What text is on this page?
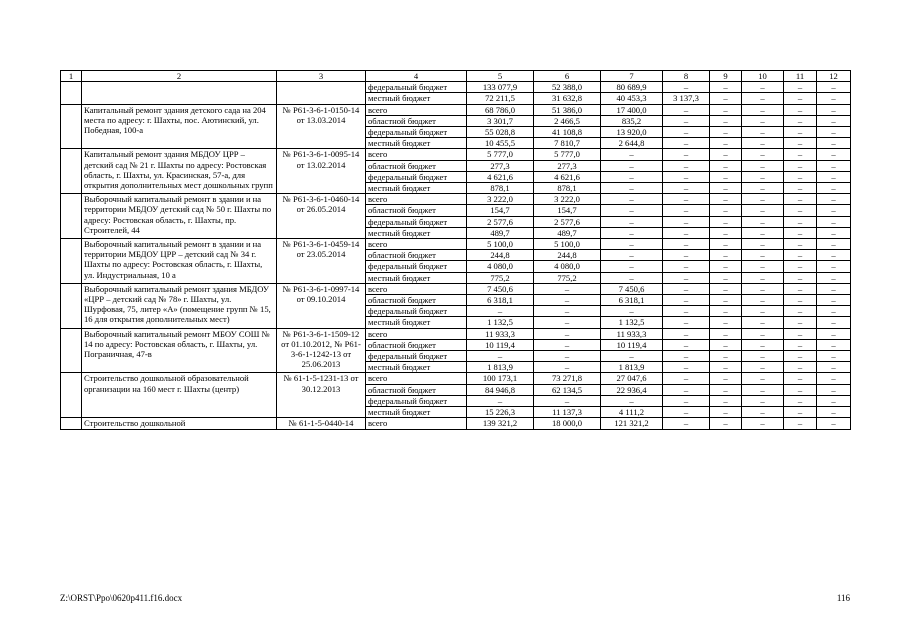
1	2	3	4	5	6	7	8	9	10	11	12
			федеральный бюджет	133 077,9	52 388,0	80 689,9	–	–	–	–	–
			местный бюджет	72 211,5	31 632,8	40 453,3	3 137,3	–	–	–	–
	Капитальный ремонт здания детского сада на 204 места по адресу: г. Шахты, пос. Аютинский, ул. Победная, 100-а	№ Р61-3-6-1-0150-14 от 13.03.2014	всего	68 786,0	51 386,0	17 400,0	–	–	–	–	–
			областной бюджет	3 301,7	2 466,5	835,2	–	–	–	–	–
			федеральный бюджет	55 028,8	41 108,8	13 920,0	–	–	–	–	–
			местный бюджет	10 455,5	7 810,7	2 644,8	–	–	–	–	–
	Капитальный ремонт здания МБДОУ ЦРР – детский сад № 21 г. Шахты по адресу: Ростовская область, г. Шахты, ул. Красинская, 57-а, для открытия дополнительных мест дошкольных групп	№ Р61-3-6-1-0095-14 от 13.02.2014	всего	5 777,0	5 777,0	–	–	–	–	–	–
			областной бюджет	277,3	277,3	–	–	–	–	–	–
			федеральный бюджет	4 621,6	4 621,6	–	–	–	–	–	–
			местный бюджет	878,1	878,1	–	–	–	–	–	–
	Выборочный капитальный ремонт в здании и на территории МБДОУ детский сад № 50 г. Шахты по адресу: Ростовская область, г. Шахты, пр. Строителей, 44	№ Р61-3-6-1-0460-14 от 26.05.2014	всего	3 222,0	3 222,0	–	–	–	–	–	–
			областной бюджет	154,7	154,7	–	–	–	–	–	–
			федеральный бюджет	2 577,6	2 577,6	–	–	–	–	–	–
			местный бюджет	489,7	489,7	–	–	–	–	–	–
	Выборочный капитальный ремонт в здании и на территории МБДОУ ЦРР – детский сад № 34 г. Шахты по адресу: Ростовская область, г. Шахты, ул. Индустриальная, 10 а	№ Р61-3-6-1-0459-14 от 23.05.2014	всего	5 100,0	5 100,0	–	–	–	–	–	–
			областной бюджет	244,8	244,8	–	–	–	–	–	–
			федеральный бюджет	4 080,0	4 080,0	–	–	–	–	–	–
			местный бюджет	775,2	775,2	–	–	–	–	–	–
	Выборочный капитальный ремонт здания МБДОУ «ЦРР – детский сад № 78» г. Шахты, ул. Шурфовая, 75, литер «А» (помещение групп № 15, 16 для открытия дополнительных мест)	№ Р61-3-6-1-0997-14 от 09.10.2014	всего	7 450,6	–	7 450,6	–	–	–	–	–
			областной бюджет	6 318,1	–	6 318,1	–	–	–	–	–
			федеральный бюджет	–	–	–	–	–	–	–	–
			местный бюджет	1 132,5	–	1 132,5	–	–	–	–	–
	Выборочный капитальный ремонт МБОУ СОШ № 14 по адресу: Ростовская область, г. Шахты, ул. Пограничная, 47-в	№ Р61-3-6-1-1509-12 от 01.10.2012, № Р61-3-6-1-1242-13 от 25.06.2013	всего	11 933,3	–	11 933,3	–	–	–	–	–
			областной бюджет	10 119,4	–	10 119,4	–	–	–	–	–
			федеральный бюджет	–	–	–	–	–	–	–	–
			местный бюджет	1 813,9	–	1 813,9	–	–	–	–	–
	Строительство дошкольной образовательной организации на 160 мест г. Шахты (центр)	№ 61-1-5-1231-13 от 30.12.2013	всего	100 173,1	73 271,8	27 047,6	–	–	–	–	–
			областной бюджет	84 946,8	62 134,5	22 936,4	–	–	–	–	–
			федеральный бюджет	–	–	–	–	–	–	–	–
			местный бюджет	15 226,3	11 137,3	4 111,2	–	–	–	–	–
	Строительство дошкольной	№ 61-1-5-0440-14	всего	139 321,2	18 000,0	121 321,2	–	–	–	–	–
Z:\ORST\Ppo\0620p411.f16.docx	116
